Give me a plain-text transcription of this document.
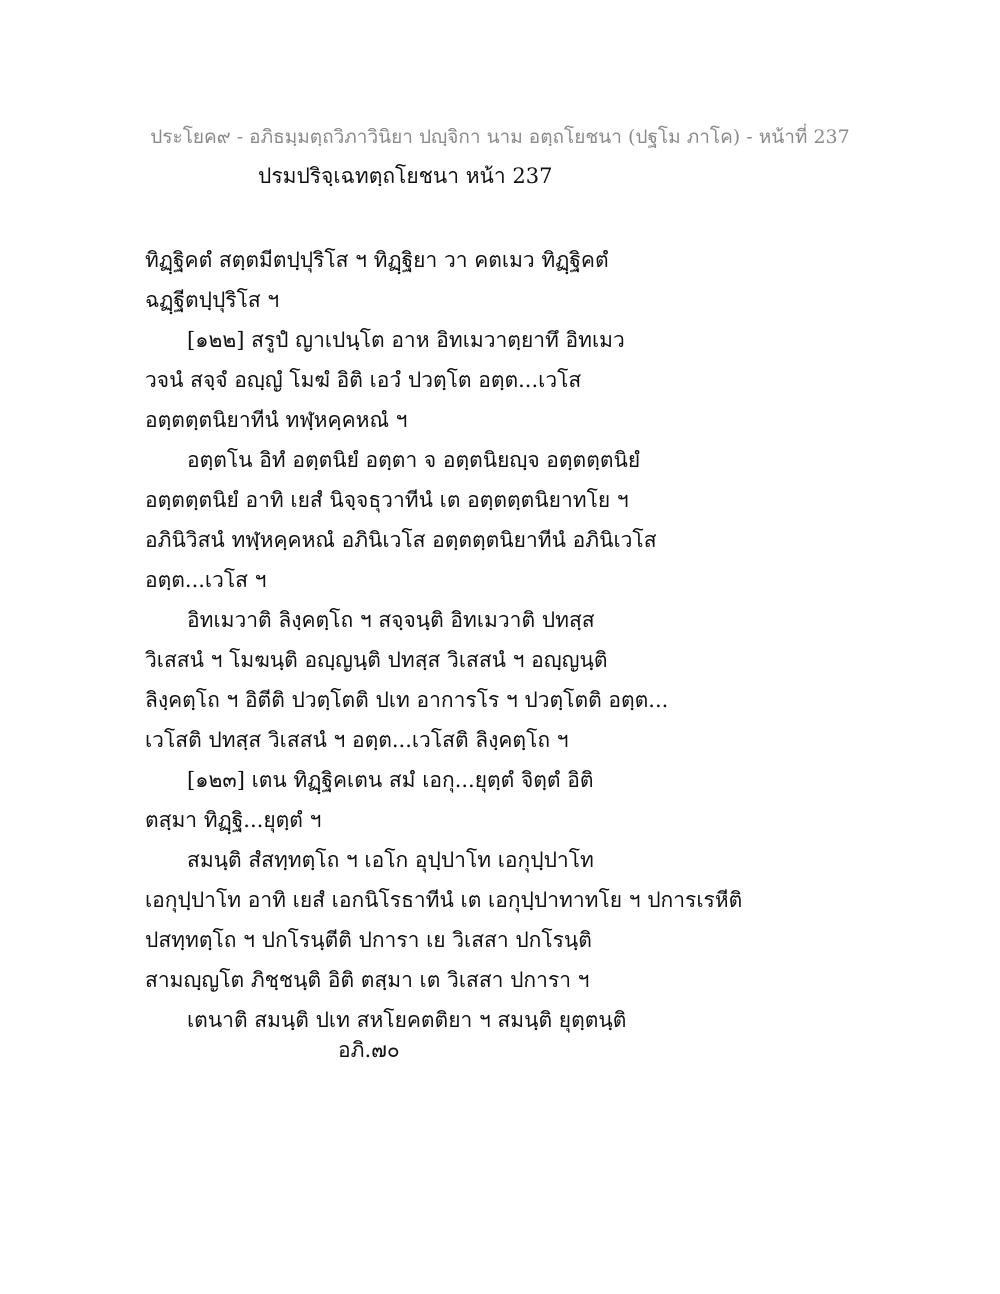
ประโยค๙ - อภิธมฺมตฺถวิภาวินิยา ปญฺจิกา นาม อตฺถโยชนา (ปฐโม ภาโค) - หน้าที่ 237
ปรมปริจฺเฉทตฺถโยชนา หน้า 237
ทิฏฺฐิคตํ สตฺตมีตปฺปุริโส ฯ ทิฏฺฐิยา วา คตเมว ทิฏฺฐิคตํ
ฉฏฺฐีตปฺปุริโส ฯ
[๑๒๒] สรูปํ ญาเปนฺโต อาห อิทเมวาตฺยาทึ อิทเมว
วจนํ สจฺจํ อญฺญํ โมฆํ อิติ เอวํ ปวตฺโต อตฺต...เวโส
อตฺตตฺตนิยาทีนํ ทฬฺหคฺคหณํ ฯ
อตฺตโน อิทํ อตฺตนิยํ อตฺตา จ อตฺตนิยญฺจ อตฺตตฺตนิยํ
อตฺตตฺตนิยํ อาทิ เยสํ นิจฺจธุวาทีนํ เต อตฺตตฺตนิยาทโย ฯ
อภินิวิสนํ ทฬฺหคฺคหณํ อภินิเวโส อตฺตตฺตนิยาทีนํ อภินิเวโส
อตฺต...เวโส ฯ
อิทเมวาติ ลิงฺคตฺโถ ฯ สจฺจนฺติ อิทเมวาติ ปทสฺส
วิเสสนํ ฯ โมฆนฺติ อญฺญนฺติ ปทสฺส วิเสสนํ ฯ อญฺญนฺติ
ลิงฺคตฺโถ ฯ อิตีติ ปวตฺโตติ ปเท อาการโร ฯ ปวตฺโตติ อตฺต...
เวโสติ ปทสฺส วิเสสนํ ฯ อตฺต...เวโสติ ลิงฺคตฺโถ ฯ
[๑๒๓] เตน ทิฏฺฐิคเตน สมํ เอกุ...ยุตฺตํ จิตฺตํ อิติ
ตสฺมา ทิฏฺฐิ...ยุตฺตํ ฯ
สมนฺติ สํสทฺทตฺโถ ฯ เอโก อุปฺปาโท เอกุปฺปาโท
เอกุปฺปาโท อาทิ เยสํ เอกนิโรธาทีนํ เต เอกุปฺปาทาทโย ฯ ปการเรหีติ
ปสทฺทตฺโถ ฯ ปกโรนฺตีติ ปการา เย วิเสสา ปกโรนฺติ
สามญฺญโต ภิชฺชนฺติ อิติ ตสฺมา เต วิเสสา ปการา ฯ
เตนาติ สมนฺติ ปเท สหโยคตติยา ฯ สมนฺติ ยุตฺตนฺติ
อภิ.๗๐
